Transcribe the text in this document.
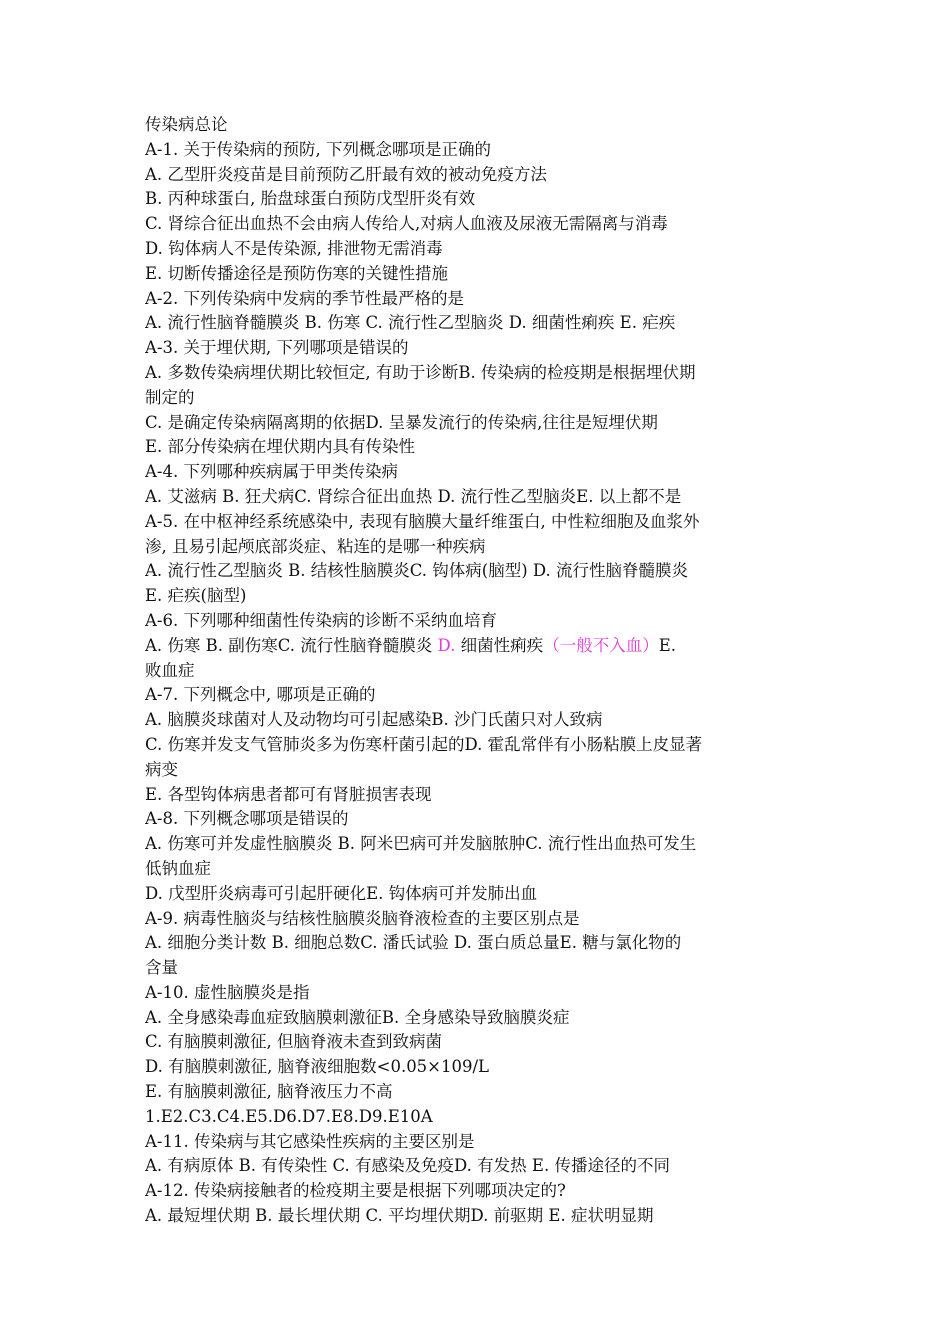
传染病总论
A-1. 关于传染病的预防, 下列概念哪项是正确的
A. 乙型肝炎疫苗是目前预防乙肝最有效的被动免疫方法
B. 丙种球蛋白, 胎盘球蛋白预防戊型肝炎有效
C. 肾综合征出血热不会由病人传给人,对病人血液及尿液无需隔离与消毒
D. 钩体病人不是传染源, 排泄物无需消毒
E. 切断传播途径是预防伤寒的关键性措施
A-2. 下列传染病中发病的季节性最严格的是
A. 流行性脑脊髓膜炎 B. 伤寒 C. 流行性乙型脑炎 D. 细菌性痢疾 E. 疟疾
A-3. 关于埋伏期, 下列哪项是错误的
A. 多数传染病埋伏期比较恒定, 有助于诊断B. 传染病的检疫期是根据埋伏期
制定的
C. 是确定传染病隔离期的依据D. 呈暴发流行的传染病,往往是短埋伏期
E. 部分传染病在埋伏期内具有传染性
A-4. 下列哪种疾病属于甲类传染病
A. 艾滋病 B. 狂犬病C. 肾综合征出血热 D. 流行性乙型脑炎E. 以上都不是
A-5. 在中枢神经系统感染中, 表现有脑膜大量纤维蛋白, 中性粒细胞及血浆外
渗, 且易引起颅底部炎症、粘连的是哪一种疾病
A. 流行性乙型脑炎 B. 结核性脑膜炎C. 钩体病(脑型) D. 流行性脑脊髓膜炎
E. 疟疾(脑型)
A-6. 下列哪种细菌性传染病的诊断不采纳血培育
A. 伤寒 B. 副伤寒C. 流行性脑脊髓膜炎 D. 细菌性痢疾（一般不入血）E.
败血症
A-7. 下列概念中, 哪项是正确的
A. 脑膜炎球菌对人及动物均可引起感染B. 沙门氏菌只对人致病
C. 伤寒并发支气管肺炎多为伤寒杆菌引起的D. 霍乱常伴有小肠粘膜上皮显著
病变
E. 各型钩体病患者都可有肾脏损害表现
A-8. 下列概念哪项是错误的
A. 伤寒可并发虚性脑膜炎 B. 阿米巴病可并发脑脓肿C. 流行性出血热可发生
低钠血症
D. 戊型肝炎病毒可引起肝硬化E. 钩体病可并发肺出血
A-9. 病毒性脑炎与结核性脑膜炎脑脊液检查的主要区别点是
A. 细胞分类计数 B. 细胞总数C. 潘氏试验 D. 蛋白质总量E. 糖与氯化物的
含量
A-10. 虚性脑膜炎是指
A. 全身感染毒血症致脑膜刺激征B. 全身感染导致脑膜炎症
C. 有脑膜刺激征, 但脑脊液未查到致病菌
D. 有脑膜刺激征, 脑脊液细胞数<0.05×109/L
E. 有脑膜刺激征, 脑脊液压力不高
1.E2.C3.C4.E5.D6.D7.E8.D9.E10A
A-11. 传染病与其它感染性疾病的主要区别是
A. 有病原体 B. 有传染性 C. 有感染及免疫D. 有发热 E. 传播途径的不同
A-12. 传染病接触者的检疫期主要是根据下列哪项决定的?
A. 最短埋伏期 B. 最长埋伏期 C. 平均埋伏期D. 前驱期 E. 症状明显期
